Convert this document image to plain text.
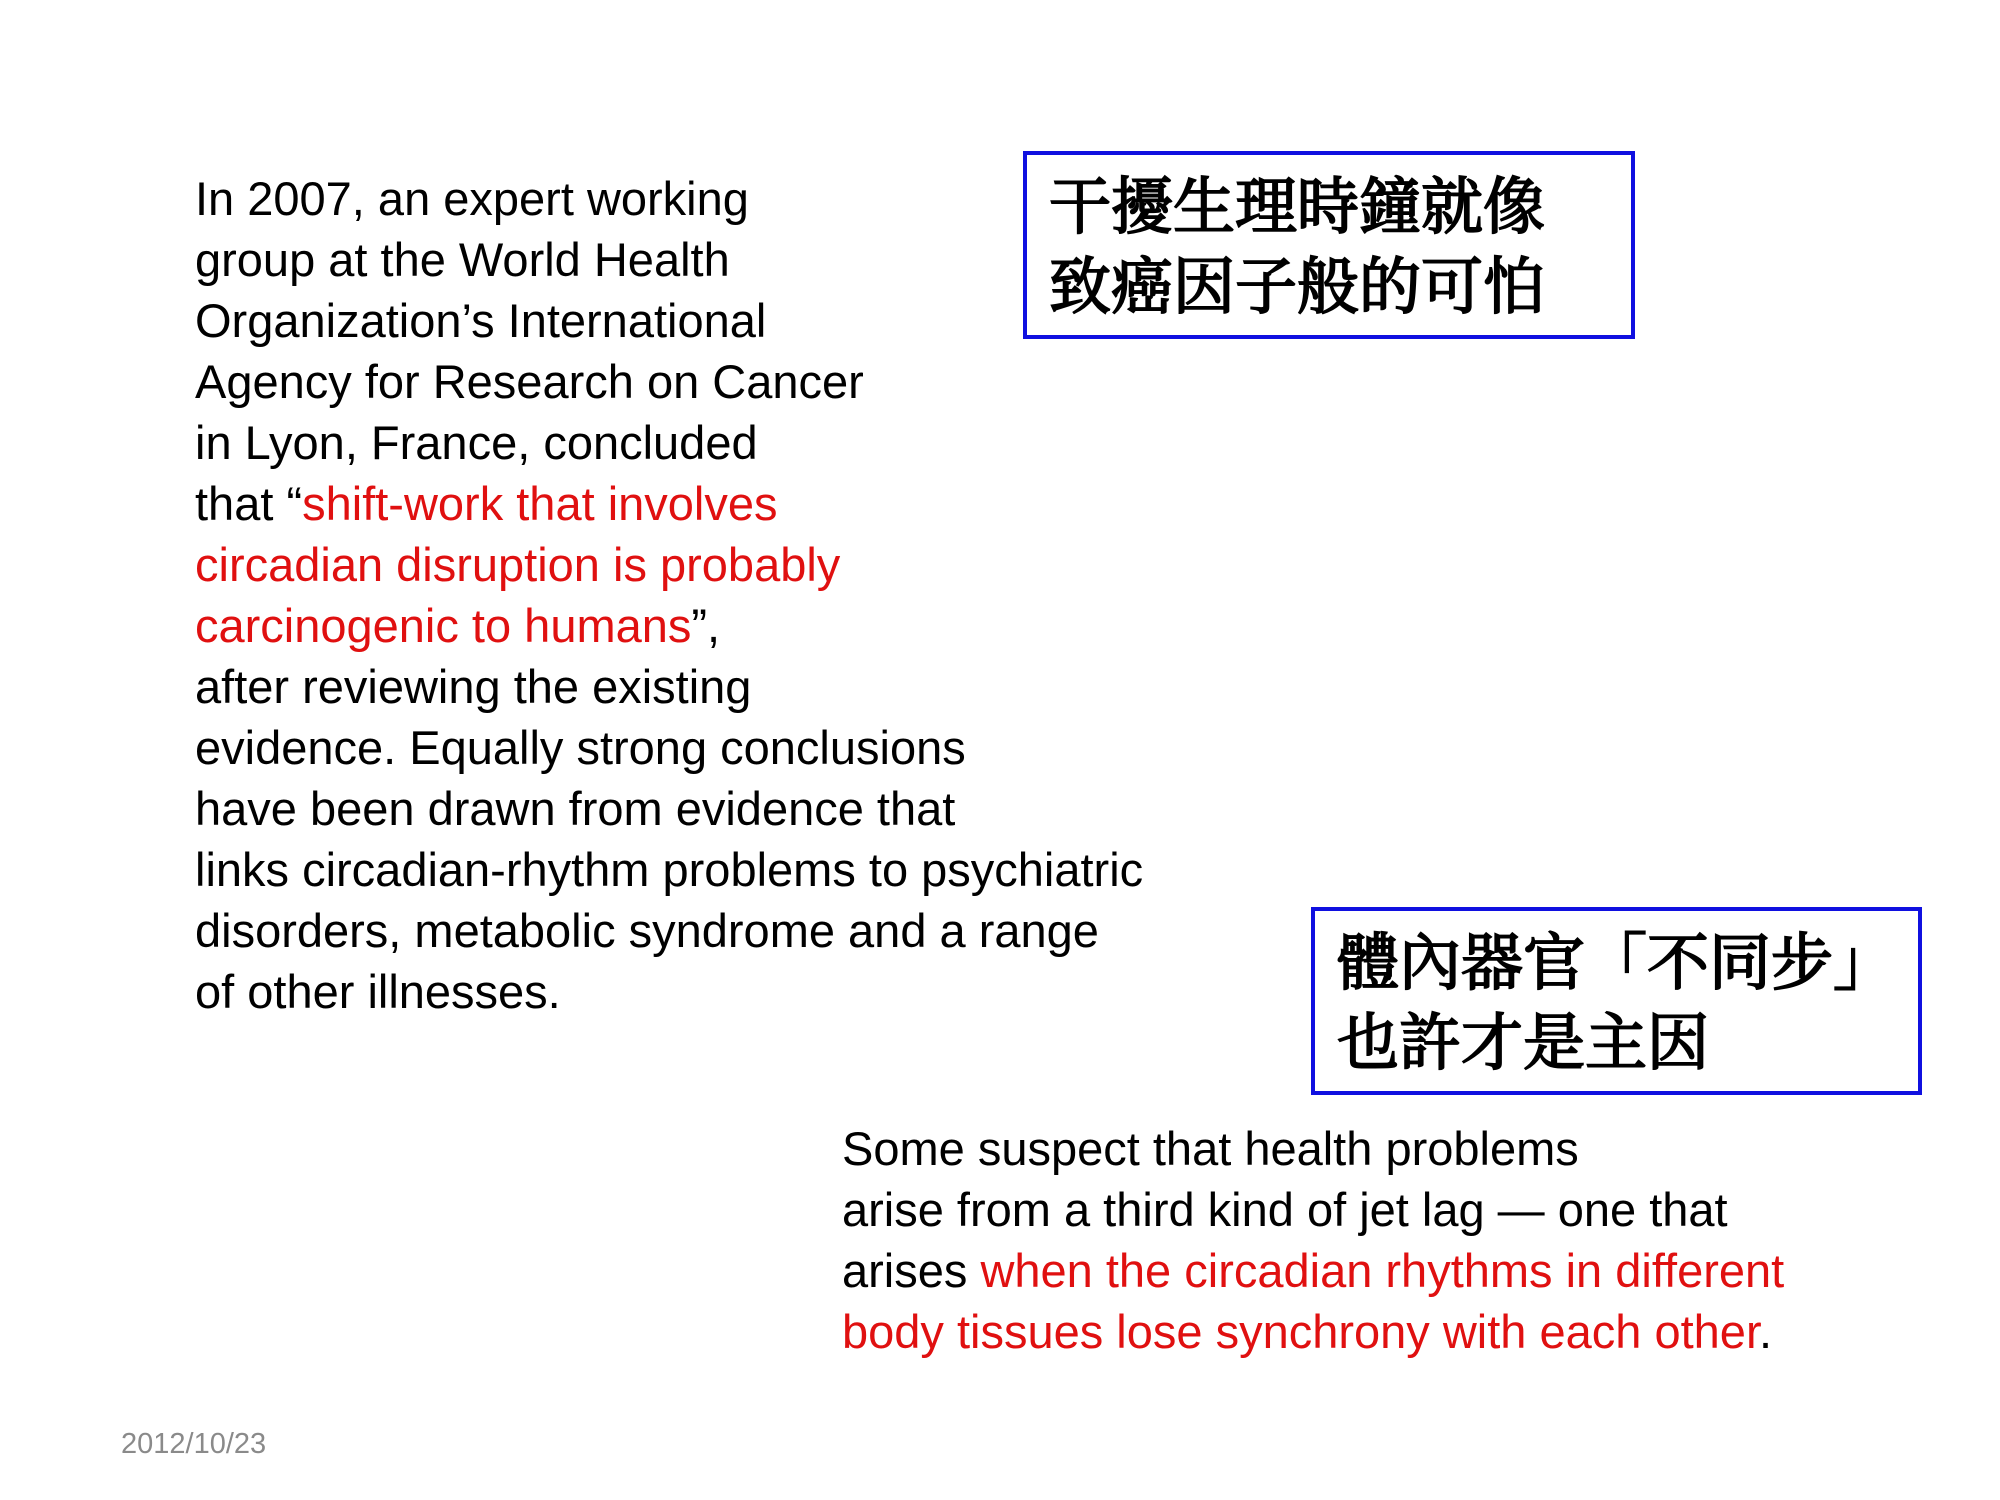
In 2007, an expert working
group at the World Health
Organization’s International
Agency for Research on Cancer
in Lyon, France, concluded
that “shift-work that involves
circadian disruption is probably
carcinogenic to humans”,
after reviewing the existing
evidence. Equally strong conclusions
have been drawn from evidence that
links circadian-rhythm problems to psychiatric
disorders, metabolic syndrome and a range
of other illnesses.
干擾生理時鐘就像
致癌因子般的可怕
體內器官「不同步」
也許才是主因
Some suspect that health problems
arise from a third kind of jet lag — one that
arises when the circadian rhythms in different
body tissues lose synchrony with each other.
2012/10/23
